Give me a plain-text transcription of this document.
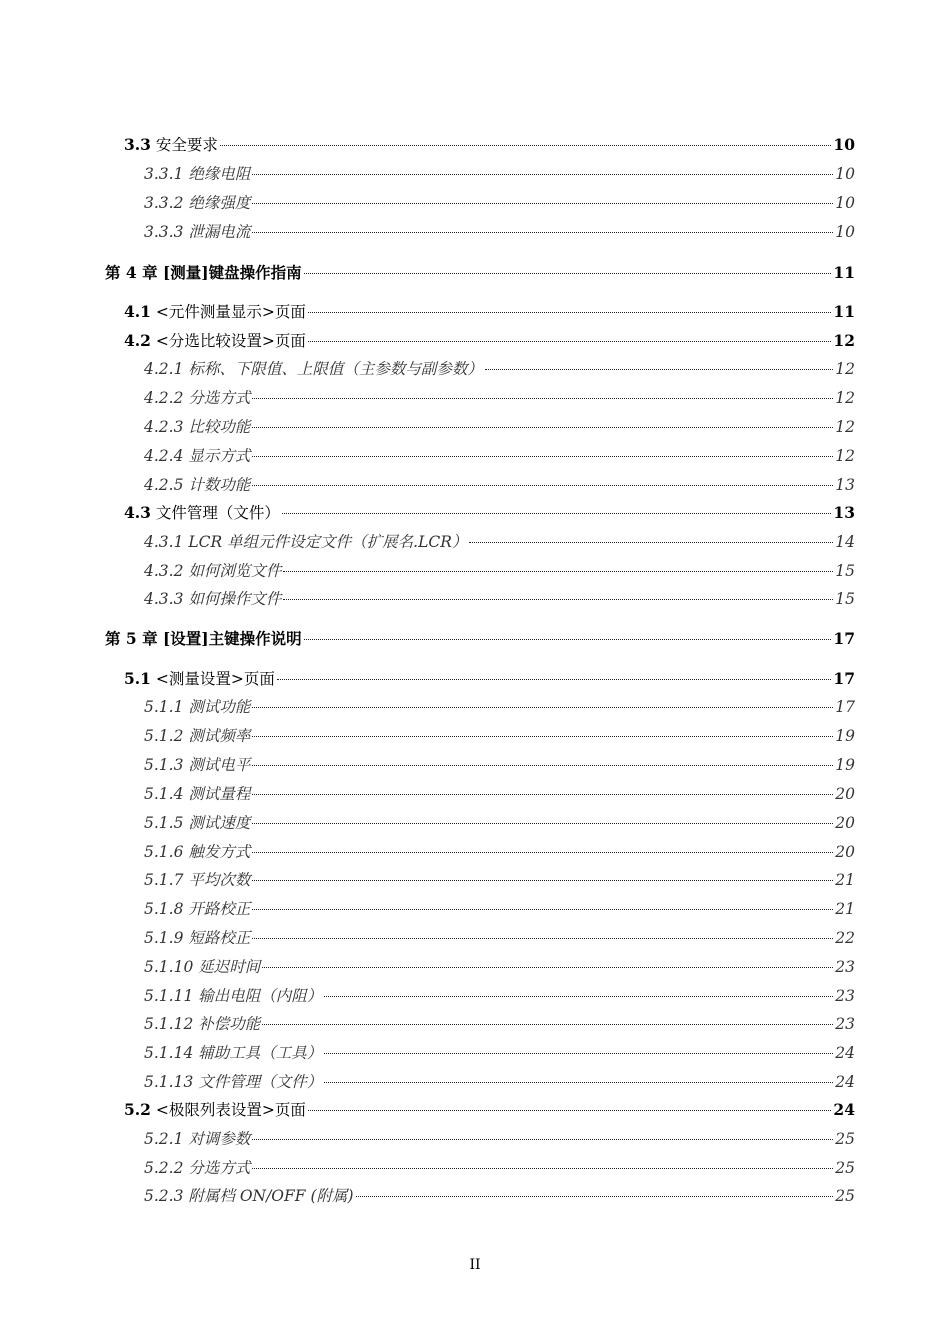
3.3 安全要求	10
3.3.1 绝缘电阻	10
3.3.2 绝缘强度	10
3.3.3 泄漏电流	10
第 4 章 [测量]键盘操作指南	11
4.1 <元件测量显示>页面	11
4.2 <分选比较设置>页面	12
4.2.1 标称、下限值、上限值（主参数与副参数）	12
4.2.2 分选方式	12
4.2.3 比较功能	12
4.2.4 显示方式	12
4.2.5 计数功能	13
4.3 文件管理（文件）	13
4.3.1 LCR 单组元件设定文件（扩展名.LCR）	14
4.3.2 如何浏览文件	15
4.3.3 如何操作文件	15
第 5 章 [设置]主键操作说明	17
5.1 <测量设置>页面	17
5.1.1 测试功能	17
5.1.2 测试频率	19
5.1.3 测试电平	19
5.1.4 测试量程	20
5.1.5 测试速度	20
5.1.6 触发方式	20
5.1.7 平均次数	21
5.1.8 开路校正	21
5.1.9 短路校正	22
5.1.10 延迟时间	23
5.1.11 输出电阻（内阻）	23
5.1.12 补偿功能	23
5.1.14 辅助工具（工具）	24
5.1.13 文件管理（文件）	24
5.2 <极限列表设置>页面	24
5.2.1 对调参数	25
5.2.2 分选方式	25
5.2.3 附属档 ON/OFF (附属)	25
II
